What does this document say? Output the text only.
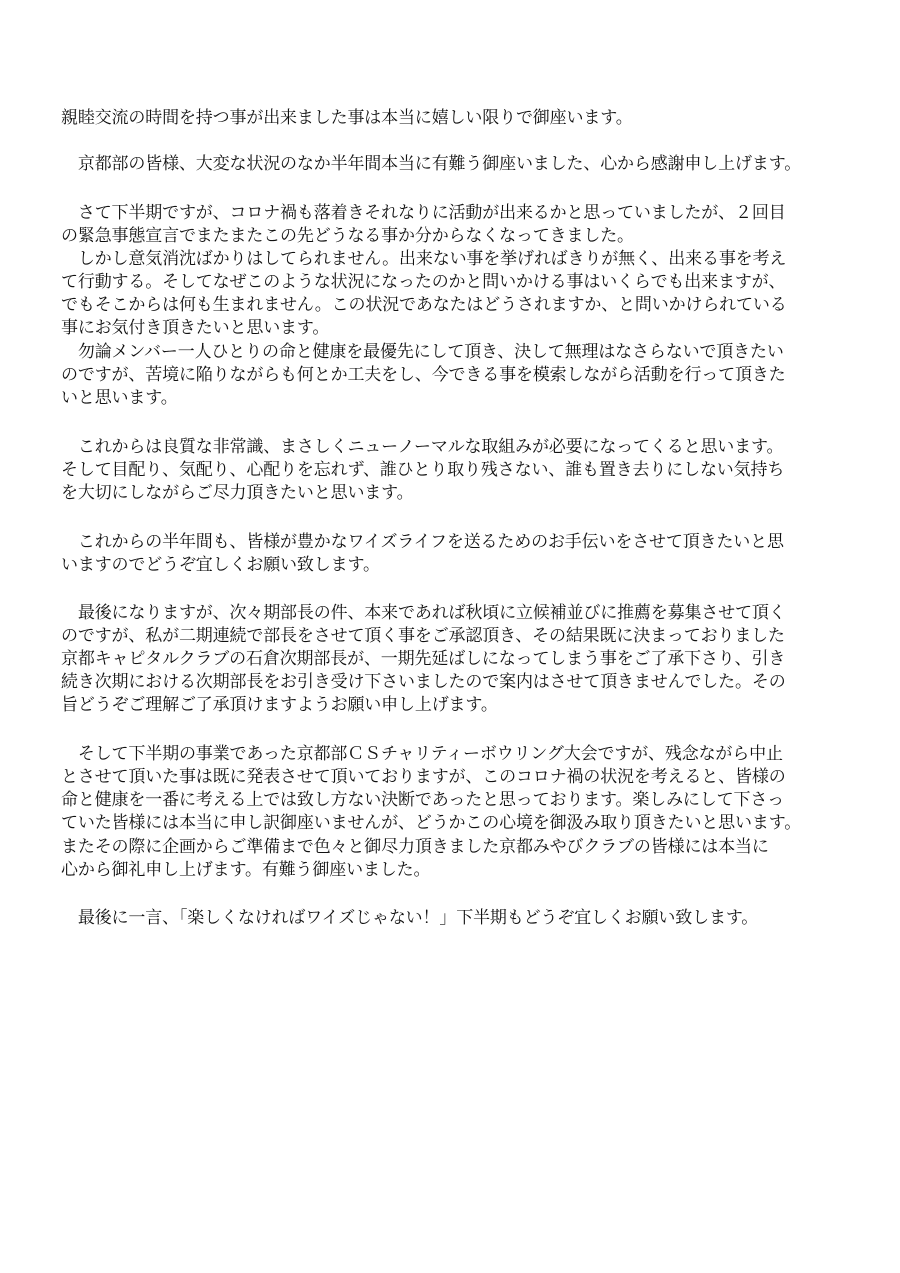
親睦交流の時間を持つ事が出来ました事は本当に嬉しい限りで御座います。
　京都部の皆様、大変な状況のなか半年間本当に有難う御座いました、心から感謝申し上げます。
　さて下半期ですが、コロナ禍も落着きそれなりに活動が出来るかと思っていましたが、２回目
の緊急事態宣言でまたまたこの先どうなる事か分からなくなってきました。
　しかし意気消沈ばかりはしてられません。出来ない事を挙げればきりが無く、出来る事を考え
て行動する。そしてなぜこのような状況になったのかと問いかける事はいくらでも出来ますが、
でもそこからは何も生まれません。この状況であなたはどうされますか、と問いかけられている
事にお気付き頂きたいと思います。
　勿論メンバー一人ひとりの命と健康を最優先にして頂き、決して無理はなさらないで頂きたい
のですが、苦境に陥りながらも何とか工夫をし、今できる事を模索しながら活動を行って頂きた
いと思います。
　これからは良質な非常識、まさしくニューノーマルな取組みが必要になってくると思います。
そして目配り、気配り、心配りを忘れず、誰ひとり取り残さない、誰も置き去りにしない気持ち
を大切にしながらご尽力頂きたいと思います。
　これからの半年間も、皆様が豊かなワイズライフを送るためのお手伝いをさせて頂きたいと思
いますのでどうぞ宜しくお願い致します。
　最後になりますが、次々期部長の件、本来であれば秋頃に立候補並びに推薦を募集させて頂く
のですが、私が二期連続で部長をさせて頂く事をご承認頂き、その結果既に決まっておりました
京都キャピタルクラブの石倉次期部長が、一期先延ばしになってしまう事をご了承下さり、引き
続き次期における次期部長をお引き受け下さいましたので案内はさせて頂きませんでした。その
旨どうぞご理解ご了承頂けますようお願い申し上げます。
　そして下半期の事業であった京都部ＣＳチャリティーボウリング大会ですが、残念ながら中止
とさせて頂いた事は既に発表させて頂いておりますが、このコロナ禍の状況を考えると、皆様の
命と健康を一番に考える上では致し方ない決断であったと思っております。楽しみにして下さっ
ていた皆様には本当に申し訳御座いませんが、どうかこの心境を御汲み取り頂きたいと思います。
またその際に企画からご準備まで色々と御尽力頂きました京都みやびクラブの皆様には本当に
心から御礼申し上げます。有難う御座いました。
　最後に一言、「楽しくなければワイズじゃない！」下半期もどうぞ宜しくお願い致します。
